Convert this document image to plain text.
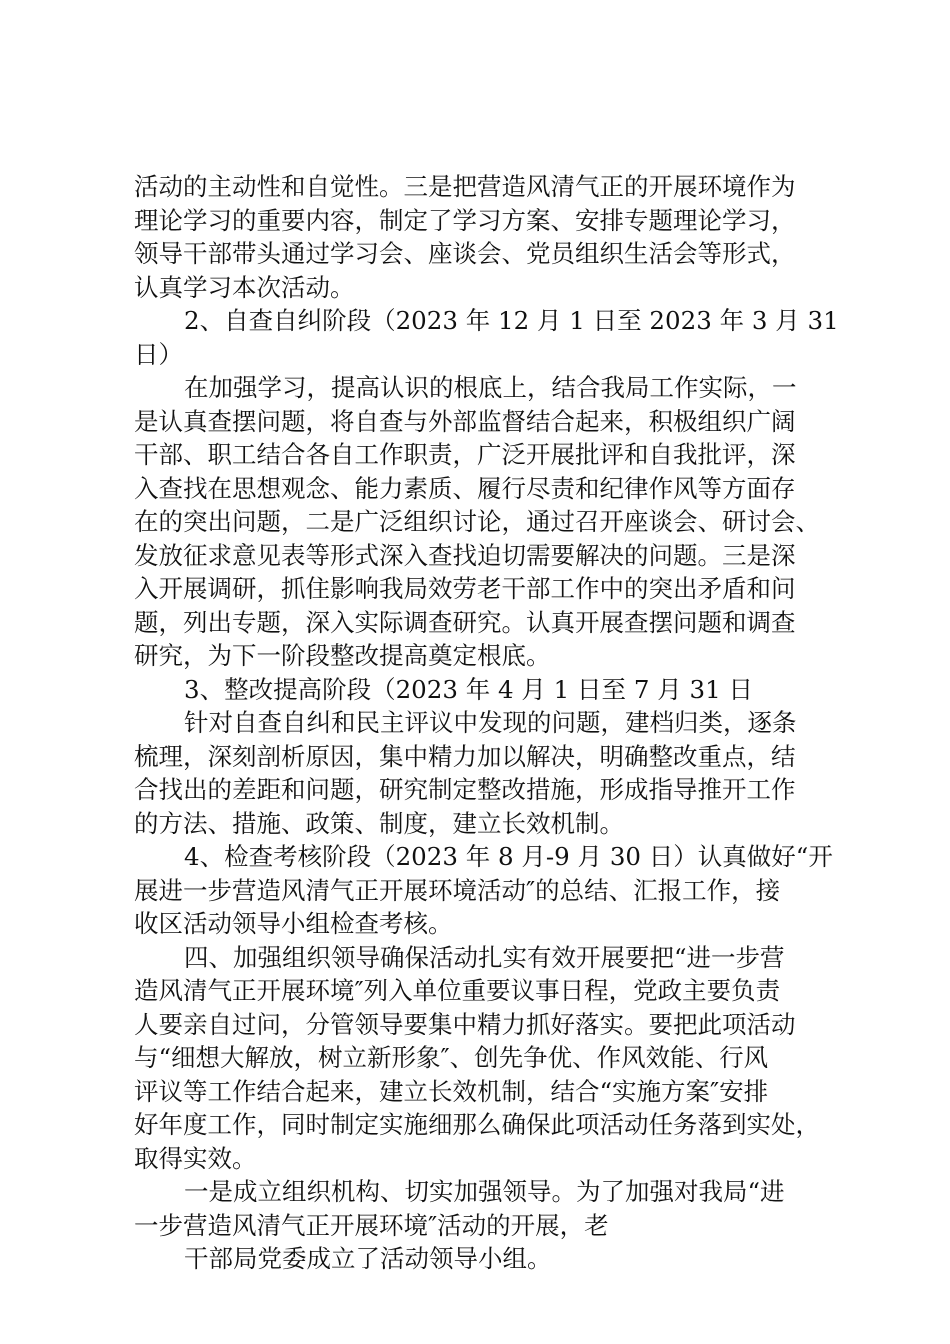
活动的主动性和自觉性。三是把营造风清气正的开展环境作为
理论学习的重要内容，制定了学习方案、安排专题理论学习，
领导干部带头通过学习会、座谈会、党员组织生活会等形式，
认真学习本次活动。
2、自查自纠阶段（2023 年 12 月 1 日至 2023 年 3 月 31
日）
在加强学习，提高认识的根底上，结合我局工作实际，一
是认真查摆问题，将自查与外部监督结合起来，积极组织广阔
干部、职工结合各自工作职责，广泛开展批评和自我批评，深
入查找在思想观念、能力素质、履行尽责和纪律作风等方面存
在的突出问题，二是广泛组织讨论，通过召开座谈会、研讨会、
发放征求意见表等形式深入查找迫切需要解决的问题。三是深
入开展调研，抓住影响我局效劳老干部工作中的突出矛盾和问
题，列出专题，深入实际调查研究。认真开展查摆问题和调查
研究，为下一阶段整改提高奠定根底。
3、整改提高阶段（2023 年 4 月 1 日至 7 月 31 日
针对自查自纠和民主评议中发现的问题，建档归类，逐条
梳理，深刻剖析原因，集中精力加以解决，明确整改重点，结
合找出的差距和问题，研究制定整改措施，形成指导推开工作
的方法、措施、政策、制度，建立长效机制。
4、检查考核阶段（2023 年 8 月-9 月 30 日）认真做好“开
展进一步营造风清气正开展环境活动″的总结、汇报工作，接
收区活动领导小组检查考核。
四、加强组织领导确保活动扎实有效开展要把“进一步营
造风清气正开展环境″列入单位重要议事日程，党政主要负责
人要亲自过问，分管领导要集中精力抓好落实。要把此项活动
与“细想大解放，树立新形象″、创先争优、作风效能、行风
评议等工作结合起来，建立长效机制，结合“实施方案″安排
好年度工作，同时制定实施细那么确保此项活动任务落到实处，
取得实效。
一是成立组织机构、切实加强领导。为了加强对我局“进
一步营造风清气正开展环境″活动的开展，老
干部局党委成立了活动领导小组。
